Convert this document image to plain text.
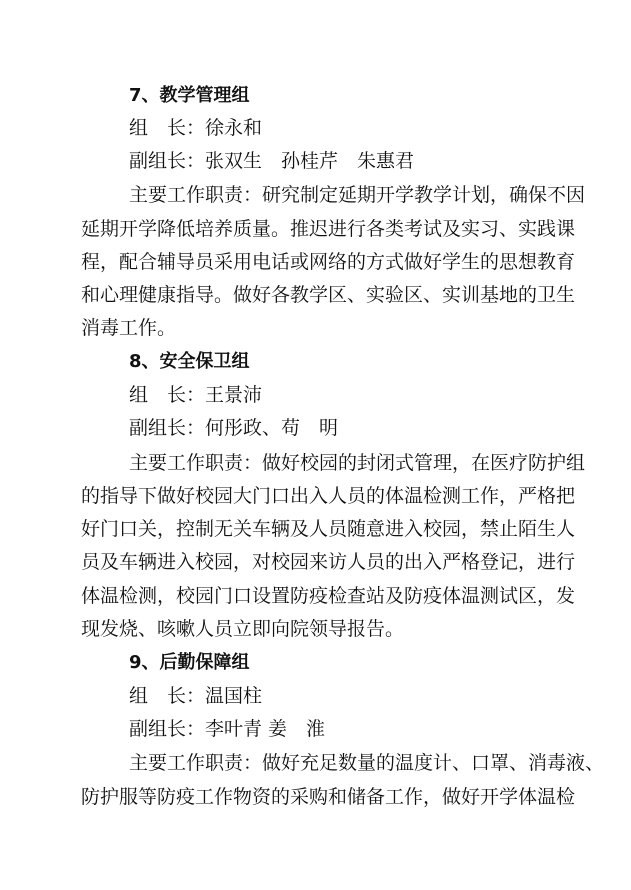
7、教学管理组
组　长：徐永和
副组长：张双生　孙桂芹　朱惠君
主要工作职责：研究制定延期开学教学计划，确保不因
延期开学降低培养质量。推迟进行各类考试及实习、实践课
程，配合辅导员采用电话或网络的方式做好学生的思想教育
和心理健康指导。做好各教学区、实验区、实训基地的卫生
消毒工作。
8、安全保卫组
组　长：王景沛
副组长：何彤政、苟　明
主要工作职责：做好校园的封闭式管理，在医疗防护组
的指导下做好校园大门口出入人员的体温检测工作，严格把
好门口关，控制无关车辆及人员随意进入校园，禁止陌生人
员及车辆进入校园，对校园来访人员的出入严格登记，进行
体温检测，校园门口设置防疫检查站及防疫体温测试区，发
现发烧、咳嗽人员立即向院领导报告。
9、后勤保障组
组　长：温国柱
副组长：李叶青 姜　淮
主要工作职责：做好充足数量的温度计、口罩、消毒液、
防护服等防疫工作物资的采购和储备工作，做好开学体温检
